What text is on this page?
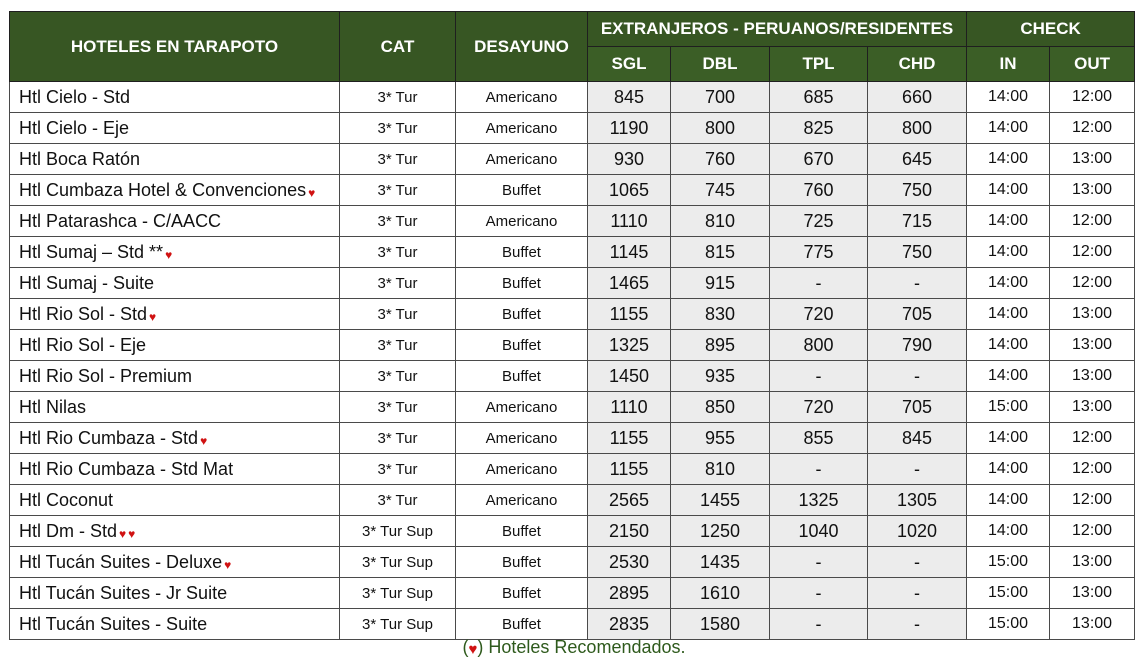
HOTELES EN TARAPOTO	CAT	DESAYUNO	EXTRANJEROS - PERUANOS/RESIDENTES				CHECK	
			SGL	DBL	TPL	CHD	IN	OUT
Htl Cielo - Std	3* Tur	Americano	845	700	685	660	14:00	12:00
Htl Cielo - Eje	3* Tur	Americano	1190	800	825	800	14:00	12:00
Htl Boca Ratón	3* Tur	Americano	930	760	670	645	14:00	13:00
Htl Cumbaza Hotel & Convenciones ♥	3* Tur	Buffet	1065	745	760	750	14:00	13:00
Htl Patarashca - C/AACC	3* Tur	Americano	1110	810	725	715	14:00	12:00
Htl Sumaj – Std ** ♥	3* Tur	Buffet	1145	815	775	750	14:00	12:00
Htl Sumaj - Suite	3* Tur	Buffet	1465	915	-	-	14:00	12:00
Htl Rio Sol - Std ♥	3* Tur	Buffet	1155	830	720	705	14:00	13:00
Htl Rio Sol - Eje	3* Tur	Buffet	1325	895	800	790	14:00	13:00
Htl Rio Sol - Premium	3* Tur	Buffet	1450	935	-	-	14:00	13:00
Htl Nilas	3* Tur	Americano	1110	850	720	705	15:00	13:00
Htl Rio Cumbaza - Std ♥	3* Tur	Americano	1155	955	855	845	14:00	12:00
Htl Rio Cumbaza - Std Mat	3* Tur	Americano	1155	810	-	-	14:00	12:00
Htl Coconut	3* Tur	Americano	2565	1455	1325	1305	14:00	12:00
Htl Dm - Std ♥ ♥	3* Tur Sup	Buffet	2150	1250	1040	1020	14:00	12:00
Htl Tucán Suites - Deluxe ♥	3* Tur Sup	Buffet	2530	1435	-	-	15:00	13:00
Htl Tucán Suites - Jr Suite	3* Tur Sup	Buffet	2895	1610	-	-	15:00	13:00
Htl Tucán Suites - Suite	3* Tur Sup	Buffet	2835	1580	-	-	15:00	13:00
(♥) Hoteles Recomendados.
